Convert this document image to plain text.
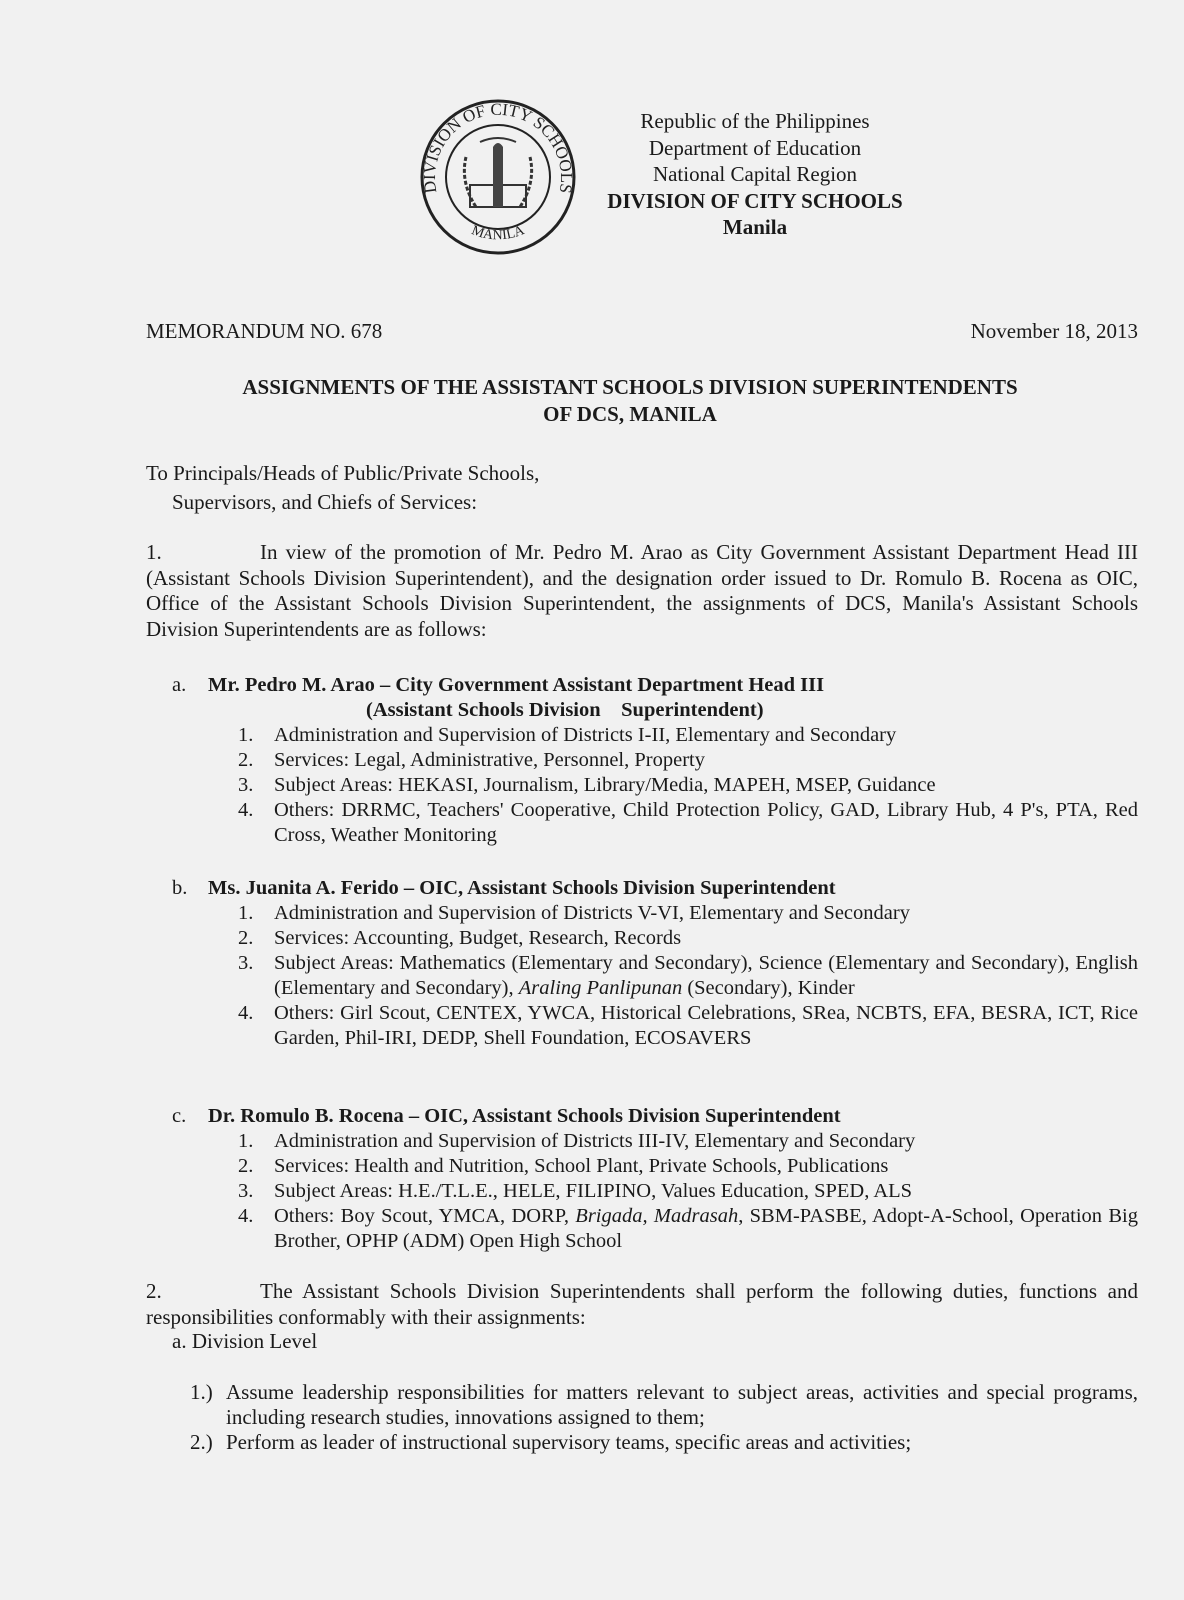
DIVISION OF CITY SCHOOLS
MANILA
Republic of the Philippines
Department of Education
National Capital Region
DIVISION OF CITY SCHOOLS
Manila
MEMORANDUM NO. 678	November 18, 2013
ASSIGNMENTS OF THE ASSISTANT SCHOOLS DIVISION SUPERINTENDENTS
OF DCS, MANILA
To Principals/Heads of Public/Private Schools,
Supervisors, and Chiefs of Services:
1.	In view of the promotion of Mr. Pedro M. Arao as City Government Assistant Department Head III (Assistant Schools Division Superintendent), and the designation order issued to Dr. Romulo B. Rocena as OIC, Office of the Assistant Schools Division Superintendent, the assignments of DCS, Manila's Assistant Schools Division Superintendents are as follows:
a. Mr. Pedro M. Arao – City Government Assistant Department Head III
(Assistant Schools Division    Superintendent)
1. Administration and Supervision of Districts I-II, Elementary and Secondary
2. Services: Legal, Administrative, Personnel, Property
3. Subject Areas: HEKASI, Journalism, Library/Media, MAPEH, MSEP, Guidance
4. Others: DRRMC, Teachers' Cooperative, Child Protection Policy, GAD, Library Hub, 4 P's, PTA, Red Cross, Weather Monitoring
b. Ms. Juanita A. Ferido – OIC, Assistant Schools Division Superintendent
1. Administration and Supervision of Districts V-VI, Elementary and Secondary
2. Services: Accounting, Budget, Research, Records
3. Subject Areas: Mathematics (Elementary and Secondary), Science (Elementary and Secondary), English (Elementary and Secondary), Araling Panlipunan (Secondary), Kinder
4. Others: Girl Scout, CENTEX, YWCA, Historical Celebrations, SRea, NCBTS, EFA, BESRA, ICT, Rice Garden, Phil-IRI, DEDP, Shell Foundation, ECOSAVERS
c. Dr. Romulo B. Rocena – OIC, Assistant Schools Division Superintendent
1. Administration and Supervision of Districts III-IV, Elementary and Secondary
2. Services: Health and Nutrition, School Plant, Private Schools, Publications
3. Subject Areas: H.E./T.L.E., HELE, FILIPINO, Values Education, SPED, ALS
4. Others: Boy Scout, YMCA, DORP, Brigada, Madrasah, SBM-PASBE, Adopt-A-School, Operation Big Brother, OPHP (ADM) Open High School
2.	The Assistant Schools Division Superintendents shall perform the following duties, functions and responsibilities conformably with their assignments:
a. Division Level
1.) Assume leadership responsibilities for matters relevant to subject areas, activities and special programs, including research studies, innovations assigned to them;
2.) Perform as leader of instructional supervisory teams, specific areas and activities;
